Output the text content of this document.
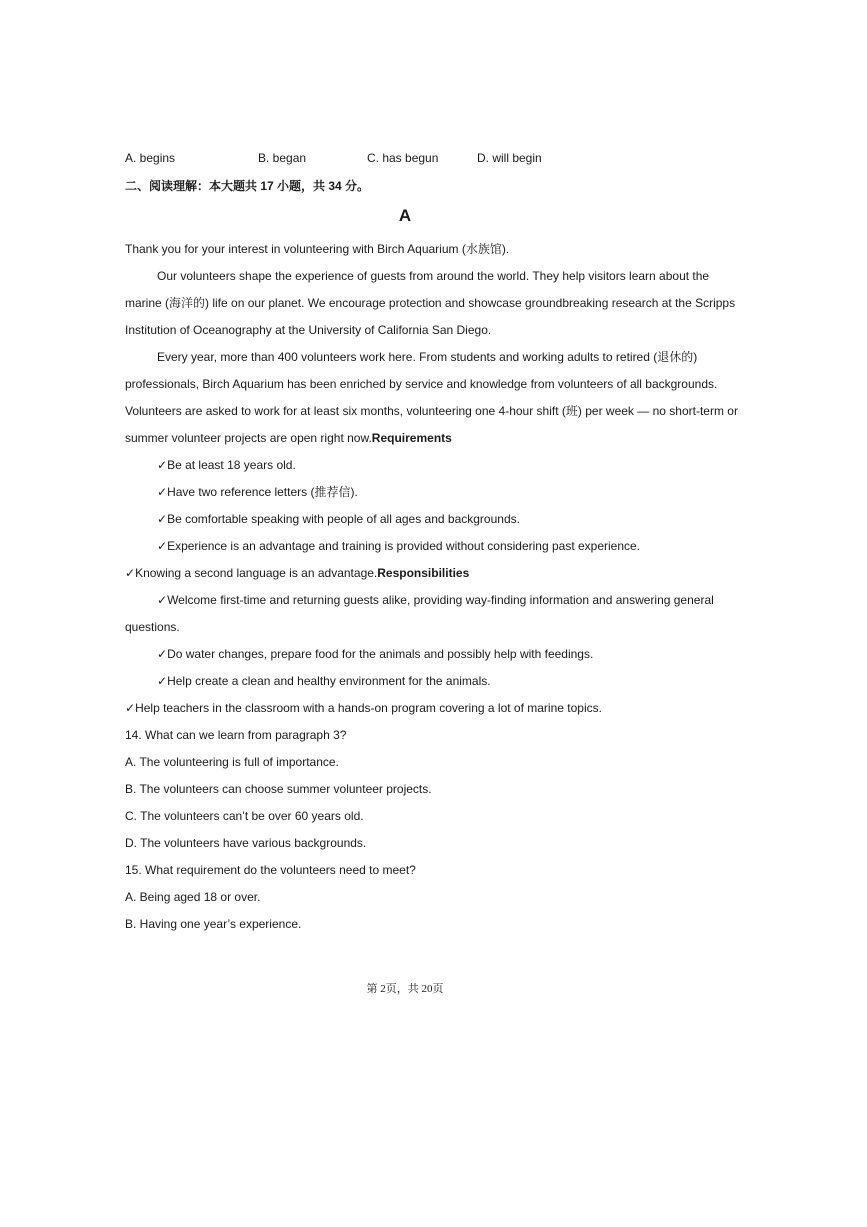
A. begins	B. began	C. has begun	D. will begin
二、阅读理解：本大题共 17 小题，共 34 分。
A
Thank you for your interest in volunteering with Birch Aquarium (水族馆).
Our volunteers shape the experience of guests from around the world. They help visitors learn about the
marine (海洋的) life on our planet. We encourage protection and showcase groundbreaking research at the Scripps
Institution of Oceanography at the University of California San Diego.
Every year, more than 400 volunteers work here. From students and working adults to retired (退休的)
professionals, Birch Aquarium has been enriched by service and knowledge from volunteers of all backgrounds.
Volunteers are asked to work for at least six months, volunteering one 4-hour shift (班) per week — no short-term or
summer volunteer projects are open right now.Requirements
✓Be at least 18 years old.
✓Have two reference letters (推荐信).
✓Be comfortable speaking with people of all ages and backgrounds.
✓Experience is an advantage and training is provided without considering past experience.
✓Knowing a second language is an advantage.Responsibilities
✓Welcome first-time and returning guests alike, providing way-finding information and answering general
questions.
✓Do water changes, prepare food for the animals and possibly help with feedings.
✓Help create a clean and healthy environment for the animals.
✓Help teachers in the classroom with a hands-on program covering a lot of marine topics.
14. What can we learn from paragraph 3?
A. The volunteering is full of importance.
B. The volunteers can choose summer volunteer projects.
C. The volunteers can’t be over 60 years old.
D. The volunteers have various backgrounds.
15. What requirement do the volunteers need to meet?
A. Being aged 18 or over.
B. Having one year’s experience.
第 2页，共 20页
